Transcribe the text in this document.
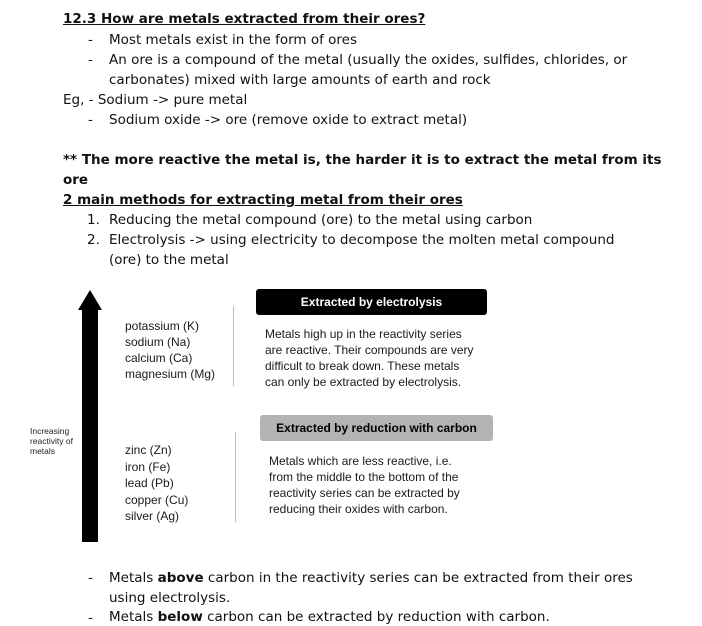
12.3 How are metals extracted from their ores?
- Most metals exist in the form of ores
- An ore is a compound of the metal (usually the oxides, sulfides, chlorides, or
carbonates) mixed with large amounts of earth and rock
Eg, - Sodium -> pure metal
- Sodium oxide -> ore (remove oxide to extract metal)
** The more reactive the metal is, the harder it is to extract the metal from its
ore
2 main methods for extracting metal from their ores
1. Reducing the metal compound (ore) to the metal using carbon
2. Electrolysis -> using electricity to decompose the molten metal compound
(ore) to the metal
Increasing reactivity of metals
potassium (K)
sodium (Na)
calcium (Ca)
magnesium (Mg)
zinc (Zn)
iron (Fe)
lead (Pb)
copper (Cu)
silver (Ag)
Extracted by electrolysis
Metals high up in the reactivity series
are reactive. Their compounds are very
difficult to break down. These metals
can only be extracted by electrolysis.
Extracted by reduction with carbon
Metals which are less reactive, i.e.
from the middle to the bottom of the
reactivity series can be extracted by
reducing their oxides with carbon.
- Metals above carbon in the reactivity series can be extracted from their ores
using electrolysis.
- Metals below carbon can be extracted by reduction with carbon.
